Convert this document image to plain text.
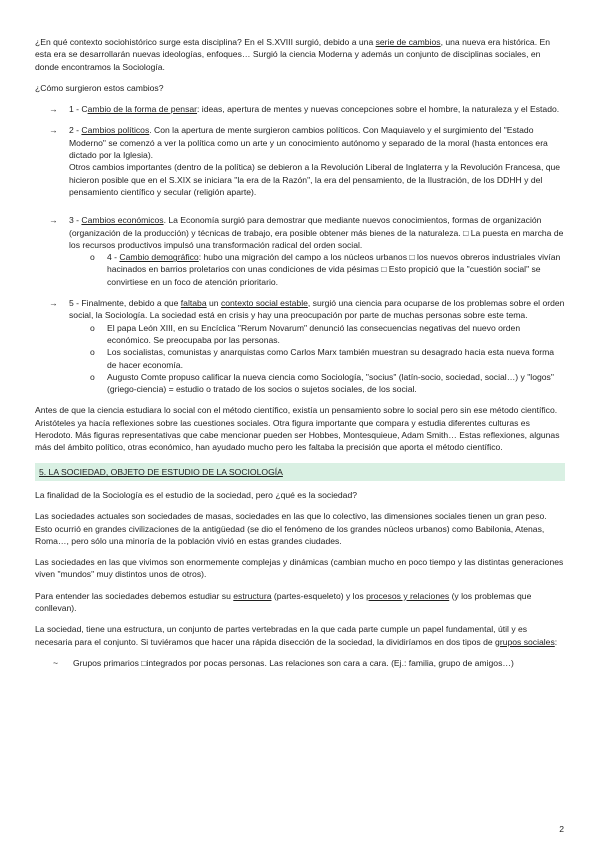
¿En qué contexto sociohistórico surge esta disciplina? En el S.XVIII surgió, debido a una serie de cambios, una nueva era histórica. En esta era se desarrollarán nuevas ideologías, enfoques… Surgió la ciencia Moderna y además un conjunto de disciplinas sociales, en donde encontramos la Sociología.

¿Cómo surgieron estos cambios?

→ 1 - Cambio de la forma de pensar: ideas, apertura de mentes y nuevas concepciones sobre el hombre, la naturaleza y el Estado.

→ 2 - Cambios políticos. Con la apertura de mente surgieron cambios políticos. Con Maquiavelo y el surgimiento del "Estado Moderno" se comenzó a ver la política como un arte y un conocimiento autónomo y separado de la moral (hasta entonces era dictado por la Iglesia).

Otros cambios importantes (dentro de la política) se debieron a la Revolución Liberal de Inglaterra y la Revolución Francesa, que hicieron posible que en el S.XIX se iniciara "la era de la Razón", la era del pensamiento, de la Ilustración, de los DDHH y del pensamiento científico y secular (religión aparte).

→ 3 - Cambios económicos. La Economía surgió para demostrar que mediante nuevos conocimientos, formas de organización (organización de la producción) y técnicas de trabajo, era posible obtener más bienes de la naturaleza. □ La puesta en marcha de los recursos productivos impulsó una transformación radical del orden social.

o 4 - Cambio demográfico: hubo una migración del campo a los núcleos urbanos □ los nuevos obreros industriales vivían hacinados en barrios proletarios con unas condiciones de vida pésimas □ Esto propició que la "cuestión social" se convirtiese en un foco de atención prioritario.

→ 5 - Finalmente, debido a que faltaba un contexto social estable, surgió una ciencia para ocuparse de los problemas sobre el orden social, la Sociología. La sociedad está en crisis y hay una preocupación por parte de muchas personas sobre este tema.

o El papa León XIII, en su Encíclica "Rerum Novarum" denunció las consecuencias negativas del nuevo orden económico. Se preocupaba por las personas.

o Los socialistas, comunistas y anarquistas como Carlos Marx también muestran su desagrado hacia esta nueva forma de hacer economía.

o Augusto Comte propuso calificar la nueva ciencia como Sociología, "socius" (latín-socio, sociedad, social…) y "logos" (griego-ciencia) = estudio o tratado de los socios o sujetos sociales, de los social.

Antes de que la ciencia estudiara lo social con el método científico, existía un pensamiento sobre lo social pero sin ese método científico. Aristóteles ya hacía reflexiones sobre las cuestiones sociales. Otra figura importante que compara y estudia diferentes culturas es Herodoto. Más figuras representativas que cabe mencionar pueden ser Hobbes, Montesquieue, Adam Smith… Estas reflexiones, algunas más del ámbito político, otras económico, han ayudado mucho pero les faltaba la precisión que aporta el método científico.

5. LA SOCIEDAD, OBJETO DE ESTUDIO DE LA SOCIOLOGÍA

La finalidad de la Sociología es el estudio de la sociedad, pero ¿qué es la sociedad?

Las sociedades actuales son sociedades de masas, sociedades en las que lo colectivo, las dimensiones sociales tienen un gran peso. Esto ocurrió en grandes civilizaciones de la antigüedad (se dio el fenómeno de los grandes núcleos urbanos) como Babilonia, Atenas, Roma…, pero sólo una minoría de la población vivió en estas grandes ciudades.

Las sociedades en las que vivimos son enormemente complejas y dinámicas (cambian mucho en poco tiempo y las distintas generaciones viven "mundos" muy distintos unos de otros).

Para entender las sociedades debemos estudiar su estructura (partes-esqueleto) y los procesos y relaciones (y los problemas que conllevan).

La sociedad, tiene una estructura, un conjunto de partes vertebradas en la que cada parte cumple un papel fundamental, útil y es necesaria para el conjunto. Si tuviéramos que hacer una rápida disección de la sociedad, la dividiríamos en dos tipos de grupos sociales:

~ Grupos primarios □integrados por pocas personas. Las relaciones son cara a cara. (Ej.: familia, grupo de amigos…)

2
